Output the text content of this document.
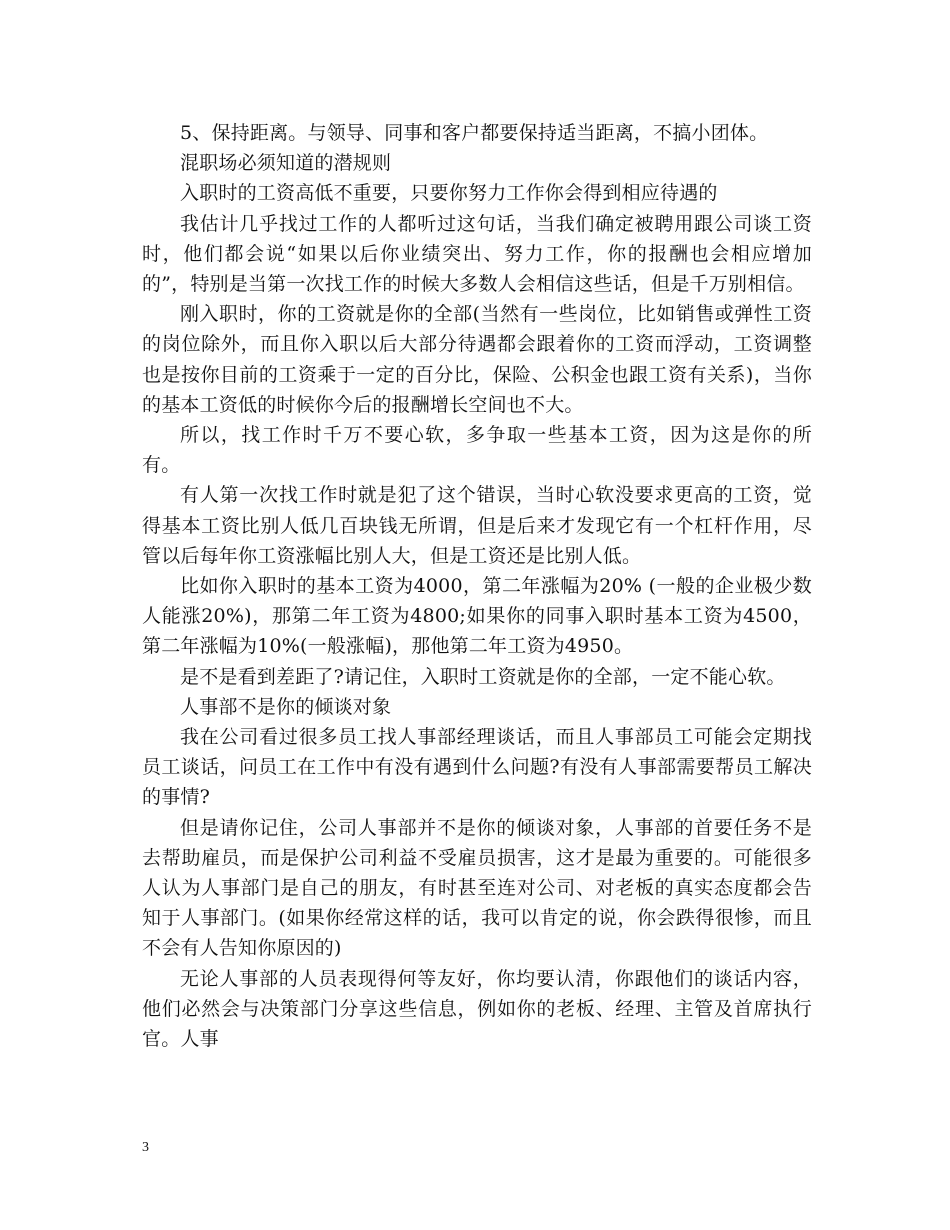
5、保持距离。与领导、同事和客户都要保持适当距离，不搞小团体。

混职场必须知道的潜规则

入职时的工资高低不重要，只要你努力工作你会得到相应待遇的

我估计几乎找过工作的人都听过这句话，当我们确定被聘用跟公司谈工资时，他们都会说“如果以后你业绩突出、努力工作，你的报酬也会相应增加的”，特别是当第一次找工作的时候大多数人会相信这些话，但是千万别相信。

刚入职时，你的工资就是你的全部(当然有一些岗位，比如销售或弹性工资的岗位除外，而且你入职以后大部分待遇都会跟着你的工资而浮动，工资调整也是按你目前的工资乘于一定的百分比，保险、公积金也跟工资有关系)，当你的基本工资低的时候你今后的报酬增长空间也不大。

所以，找工作时千万不要心软，多争取一些基本工资，因为这是你的所有。

有人第一次找工作时就是犯了这个错误，当时心软没要求更高的工资，觉得基本工资比别人低几百块钱无所谓，但是后来才发现它有一个杠杆作用，尽管以后每年你工资涨幅比别人大，但是工资还是比别人低。

比如你入职时的基本工资为4000，第二年涨幅为20% (一般的企业极少数人能涨20%)，那第二年工资为4800;如果你的同事入职时基本工资为4500，第二年涨幅为10%(一般涨幅)，那他第二年工资为4950。

是不是看到差距了?请记住，入职时工资就是你的全部，一定不能心软。

人事部不是你的倾谈对象

我在公司看过很多员工找人事部经理谈话，而且人事部员工可能会定期找员工谈话，问员工在工作中有没有遇到什么问题?有没有人事部需要帮员工解决的事情?

但是请你记住，公司人事部并不是你的倾谈对象，人事部的首要任务不是去帮助雇员，而是保护公司利益不受雇员损害，这才是最为重要的。可能很多人认为人事部门是自己的朋友，有时甚至连对公司、对老板的真实态度都会告知于人事部门。(如果你经常这样的话，我可以肯定的说，你会跌得很惨，而且不会有人告知你原因的)

无论人事部的人员表现得何等友好，你均要认清，你跟他们的谈话内容，他们必然会与决策部门分享这些信息，例如你的老板、经理、主管及首席执行官。人事

3
